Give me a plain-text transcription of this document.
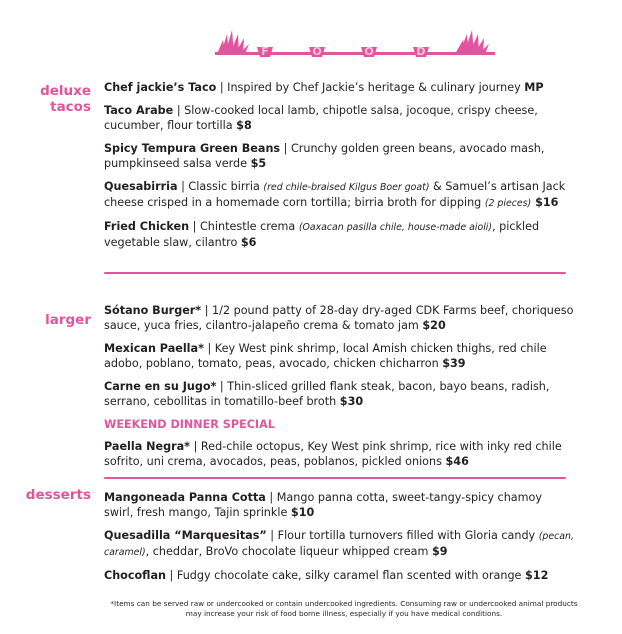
F	O	O	D
deluxe
tacos

Chef jackie’s Taco | Inspired by Chef Jackie’s heritage & culinary journey MP

Taco Arabe | Slow-cooked local lamb, chipotle salsa, jocoque, crispy cheese, cucumber, flour tortilla $8

Spicy Tempura Green Beans | Crunchy golden green beans, avocado mash, pumpkinseed salsa verde $5

Quesabirria | Classic birria (red chile-braised Kilgus Boer goat) & Samuel’s artisan Jack cheese crisped in a homemade corn tortilla; birria broth for dipping (2 pieces) $16

Fried Chicken | Chintestle crema (Oaxacan pasilla chile, house-made aioli), pickled vegetable slaw, cilantro $6

larger

Sótano Burger* | 1/2 pound patty of 28-day dry-aged CDK Farms beef, choriqueso sauce, yuca fries, cilantro-jalapeño crema & tomato jam $20

Mexican Paella* | Key West pink shrimp, local Amish chicken thighs, red chile adobo, poblano, tomato, peas, avocado, chicken chicharron $39

Carne en su Jugo* | Thin-sliced grilled flank steak, bacon, bayo beans, radish, serrano, cebollitas in tomatillo-beef broth $30

WEEKEND DINNER SPECIAL

Paella Negra* | Red-chile octopus, Key West pink shrimp, rice with inky red chile sofrito, uni crema, avocados, peas, poblanos, pickled onions $46

desserts Mangoneada Panna Cotta | Mango panna cotta, sweet-tangy-spicy chamoy swirl, fresh mango, Tajin sprinkle $10

Quesadilla “Marquesitas” | Flour tortilla turnovers filled with Gloria candy (pecan, caramel), cheddar, BroVo chocolate liqueur whipped cream $9

Chocoflan | Fudgy chocolate cake, silky caramel flan scented with orange $12

*Items can be served raw or undercooked or contain undercooked ingredients. Consuming raw or undercooked animal products
may increase your risk of food borne illness, especially if you have medical conditions.
